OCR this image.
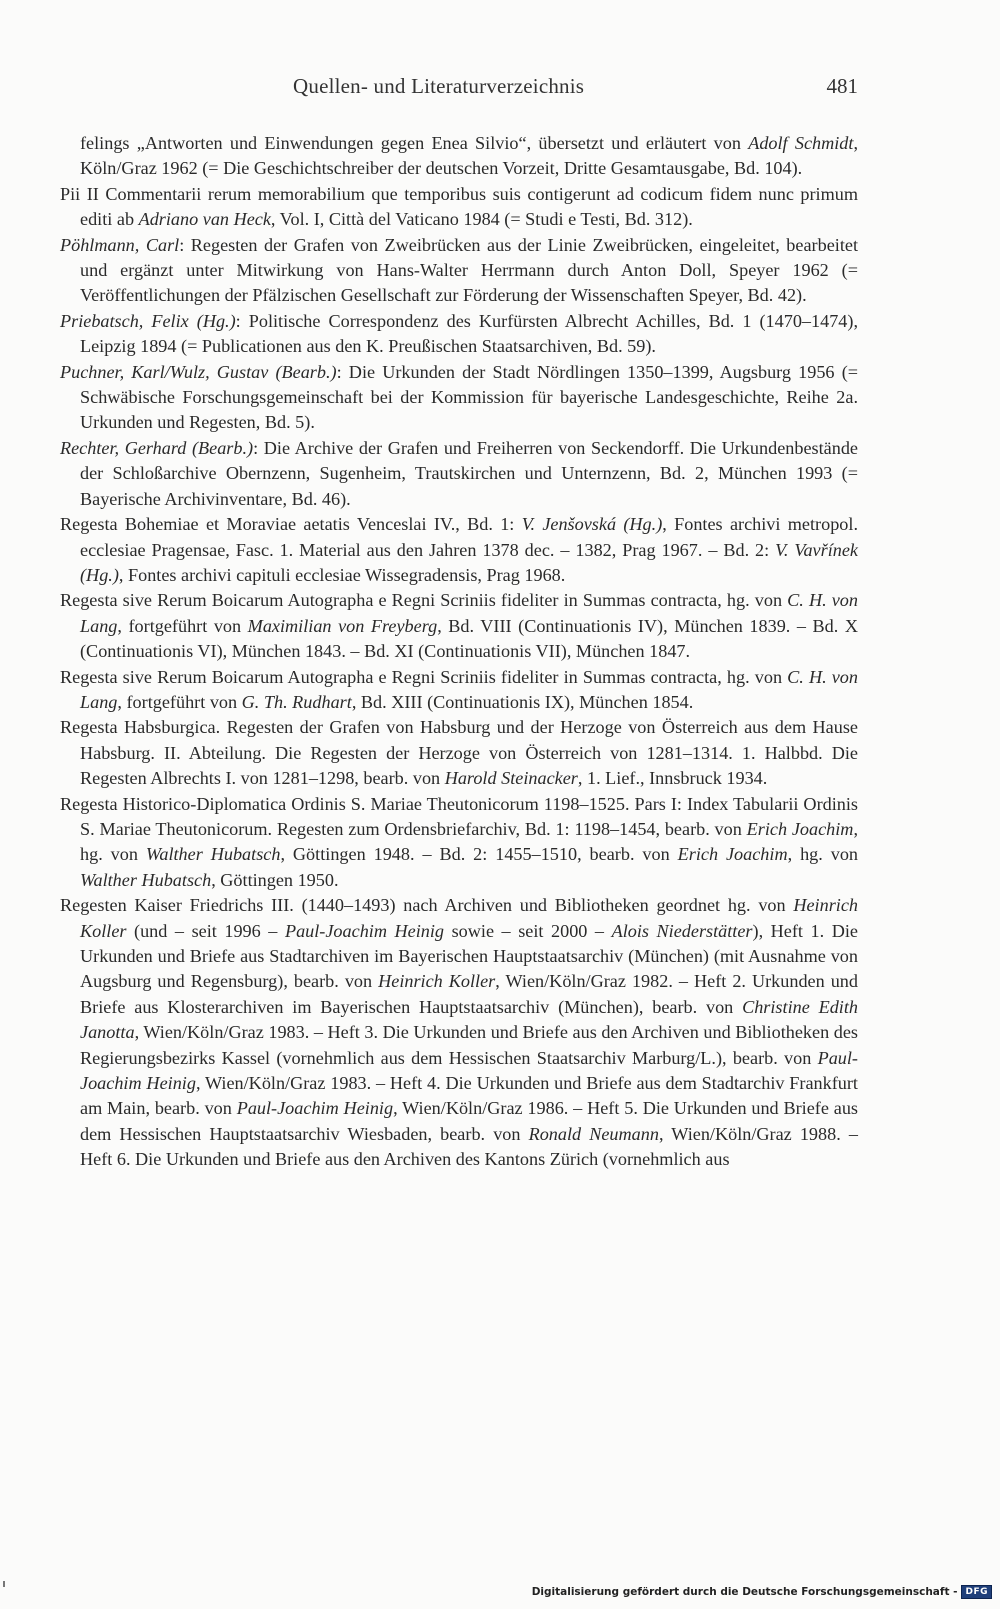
Quellen- und Literaturverzeichnis	481

felings „Antworten und Einwendungen gegen Enea Silvio“, übersetzt und erläutert von Adolf Schmidt, Köln/Graz 1962 (= Die Geschichtschreiber der deutschen Vorzeit, Dritte Gesamtausgabe, Bd. 104).

Pii II Commentarii rerum memorabilium que temporibus suis contigerunt ad codicum fidem nunc primum editi ab Adriano van Heck, Vol. I, Città del Vaticano 1984 (= Studi e Testi, Bd. 312).

Pöhlmann, Carl: Regesten der Grafen von Zweibrücken aus der Linie Zweibrücken, eingeleitet, bearbeitet und ergänzt unter Mitwirkung von Hans-Walter Herrmann durch Anton Doll, Speyer 1962 (= Veröffentlichungen der Pfälzischen Gesellschaft zur Förderung der Wissenschaften Speyer, Bd. 42).

Priebatsch, Felix (Hg.): Politische Correspondenz des Kurfürsten Albrecht Achilles, Bd. 1 (1470–1474), Leipzig 1894 (= Publicationen aus den K. Preußischen Staatsarchiven, Bd. 59).

Puchner, Karl/Wulz, Gustav (Bearb.): Die Urkunden der Stadt Nördlingen 1350–1399, Augsburg 1956 (= Schwäbische Forschungsgemeinschaft bei der Kommission für bayerische Landesgeschichte, Reihe 2a. Urkunden und Regesten, Bd. 5).

Rechter, Gerhard (Bearb.): Die Archive der Grafen und Freiherren von Seckendorff. Die Urkundenbestände der Schloßarchive Obernzenn, Sugenheim, Trautskirchen und Unternzenn, Bd. 2, München 1993 (= Bayerische Archivinventare, Bd. 46).

Regesta Bohemiae et Moraviae aetatis Venceslai IV., Bd. 1: V. Jenšovská (Hg.), Fontes archivi metropol. ecclesiae Pragensae, Fasc. 1. Material aus den Jahren 1378 dec. – 1382, Prag 1967. – Bd. 2: V. Vavřínek (Hg.), Fontes archivi capituli ecclesiae Wissegradensis, Prag 1968.

Regesta sive Rerum Boicarum Autographa e Regni Scriniis fideliter in Summas contracta, hg. von C. H. von Lang, fortgeführt von Maximilian von Freyberg, Bd. VIII (Continuationis IV), München 1839. – Bd. X (Continuationis VI), München 1843. – Bd. XI (Continuationis VII), München 1847.

Regesta sive Rerum Boicarum Autographa e Regni Scriniis fideliter in Summas contracta, hg. von C. H. von Lang, fortgeführt von G. Th. Rudhart, Bd. XIII (Continuationis IX), München 1854.

Regesta Habsburgica. Regesten der Grafen von Habsburg und der Herzoge von Österreich aus dem Hause Habsburg. II. Abteilung. Die Regesten der Herzoge von Österreich von 1281–1314. 1. Halbbd. Die Regesten Albrechts I. von 1281–1298, bearb. von Harold Steinacker, 1. Lief., Innsbruck 1934.

Regesta Historico-Diplomatica Ordinis S. Mariae Theutonicorum 1198–1525. Pars I: Index Tabularii Ordinis S. Mariae Theutonicorum. Regesten zum Ordensbriefarchiv, Bd. 1: 1198–1454, bearb. von Erich Joachim, hg. von Walther Hubatsch, Göttingen 1948. – Bd. 2: 1455–1510, bearb. von Erich Joachim, hg. von Walther Hubatsch, Göttingen 1950.

Regesten Kaiser Friedrichs III. (1440–1493) nach Archiven und Bibliotheken geordnet hg. von Heinrich Koller (und – seit 1996 – Paul-Joachim Heinig sowie – seit 2000 – Alois Niederstätter), Heft 1. Die Urkunden und Briefe aus Stadtarchiven im Bayerischen Hauptstaatsarchiv (München) (mit Ausnahme von Augsburg und Regensburg), bearb. von Heinrich Koller, Wien/Köln/Graz 1982. – Heft 2. Urkunden und Briefe aus Klosterarchiven im Bayerischen Hauptstaatsarchiv (München), bearb. von Christine Edith Janotta, Wien/Köln/Graz 1983. – Heft 3. Die Urkunden und Briefe aus den Archiven und Bibliotheken des Regierungsbezirks Kassel (vornehmlich aus dem Hessischen Staatsarchiv Marburg/L.), bearb. von Paul-Joachim Heinig, Wien/Köln/Graz 1983. – Heft 4. Die Urkunden und Briefe aus dem Stadtarchiv Frankfurt am Main, bearb. von Paul-Joachim Heinig, Wien/Köln/Graz 1986. – Heft 5. Die Urkunden und Briefe aus dem Hessischen Hauptstaatsarchiv Wiesbaden, bearb. von Ronald Neumann, Wien/Köln/Graz 1988. – Heft 6. Die Urkunden und Briefe aus den Archiven des Kantons Zürich (vornehmlich aus

Digitalisierung gefördert durch die Deutsche Forschungsgemeinschaft - DFG
